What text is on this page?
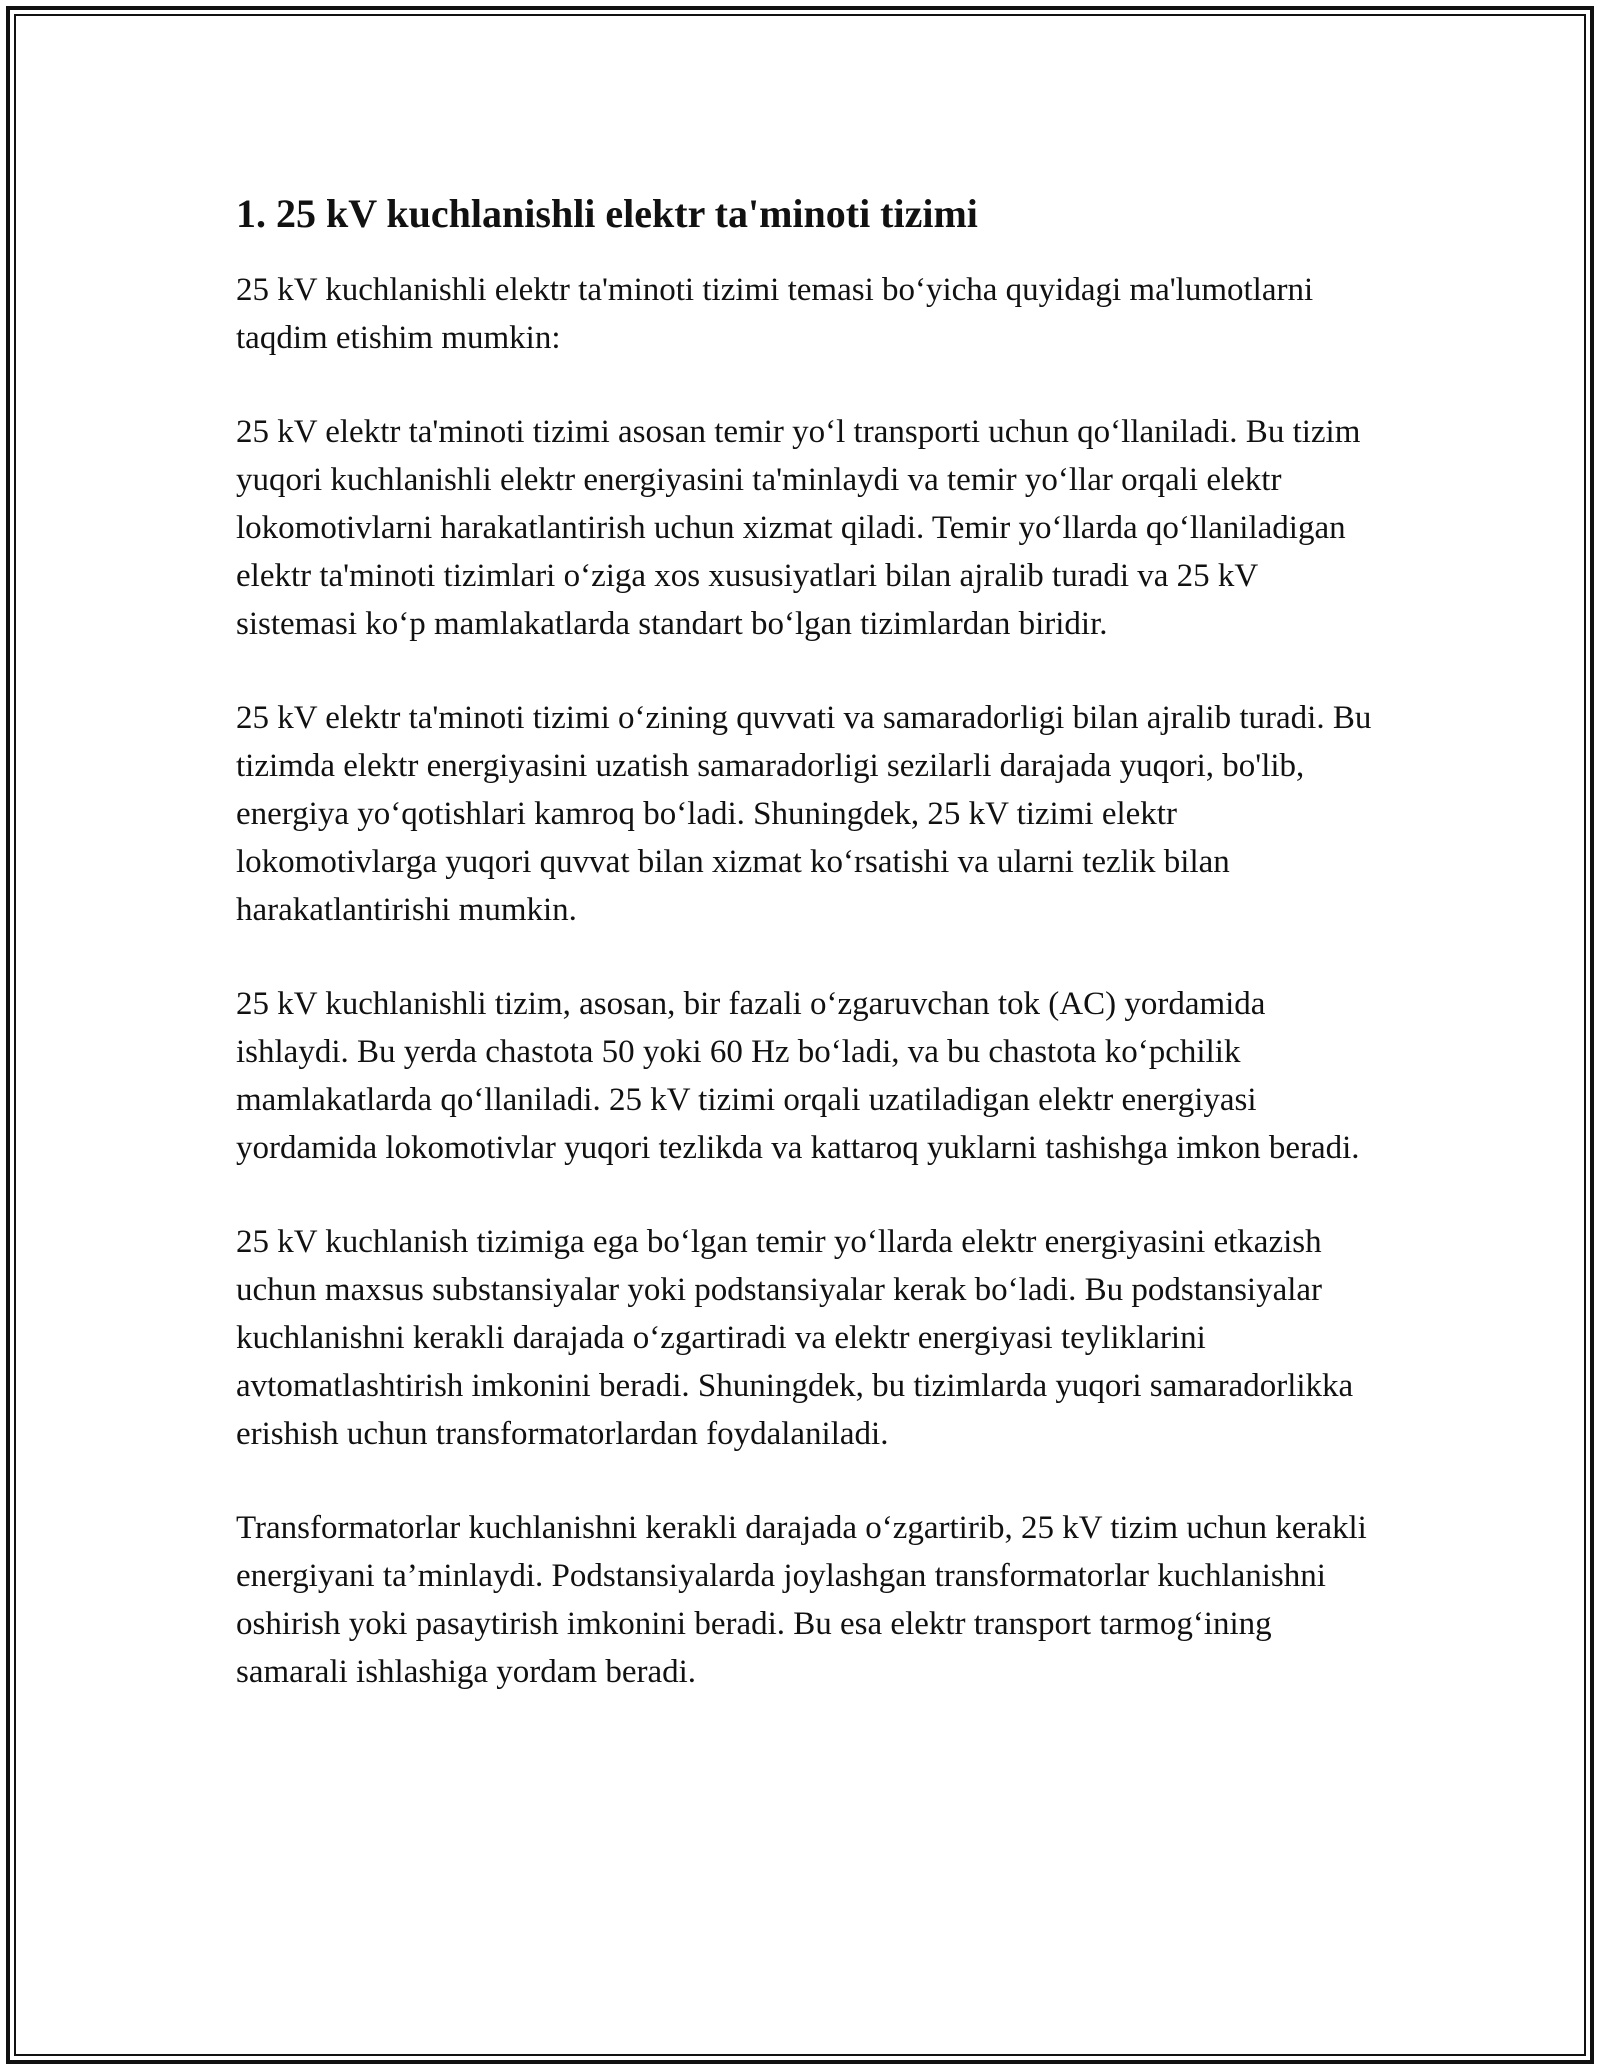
1. 25 kV kuchlanishli elektr ta'minoti tizimi

25 kV kuchlanishli elektr ta'minoti tizimi temasi bo‘yicha quyidagi ma'lumotlarni taqdim etishim mumkin:

25 kV elektr ta'minoti tizimi asosan temir yo‘l transporti uchun qo‘llaniladi. Bu tizim yuqori kuchlanishli elektr energiyasini ta'minlaydi va temir yo‘llar orqali elektr lokomotivlarni harakatlantirish uchun xizmat qiladi. Temir yo‘llarda qo‘llaniladigan elektr ta'minoti tizimlari o‘ziga xos xususiyatlari bilan ajralib turadi va 25 kV sistemasi ko‘p mamlakatlarda standart bo‘lgan tizimlardan biridir.

25 kV elektr ta'minoti tizimi o‘zining quvvati va samaradorligi bilan ajralib turadi. Bu tizimda elektr energiyasini uzatish samaradorligi sezilarli darajada yuqori, bo'lib, energiya yo‘qotishlari kamroq bo‘ladi. Shuningdek, 25 kV tizimi elektr lokomotivlarga yuqori quvvat bilan xizmat ko‘rsatishi va ularni tezlik bilan harakatlantirishi mumkin.

25 kV kuchlanishli tizim, asosan, bir fazali o‘zgaruvchan tok (AC) yordamida ishlaydi. Bu yerda chastota 50 yoki 60 Hz bo‘ladi, va bu chastota ko‘pchilik mamlakatlarda qo‘llaniladi. 25 kV tizimi orqali uzatiladigan elektr energiyasi yordamida lokomotivlar yuqori tezlikda va kattaroq yuklarni tashishga imkon beradi.

25 kV kuchlanish tizimiga ega bo‘lgan temir yo‘llarda elektr energiyasini etkazish uchun maxsus substansiyalar yoki podstansiyalar kerak bo‘ladi. Bu podstansiyalar kuchlanishni kerakli darajada o‘zgartiradi va elektr energiyasi teyliklarini avtomatlashtirish imkonini beradi. Shuningdek, bu tizimlarda yuqori samaradorlikka erishish uchun transformatorlardan foydalaniladi.

Transformatorlar kuchlanishni kerakli darajada o‘zgartirib, 25 kV tizim uchun kerakli energiyani ta’minlaydi. Podstansiyalarda joylashgan transformatorlar kuchlanishni oshirish yoki pasaytirish imkonini beradi. Bu esa elektr transport tarmog‘ining samarali ishlashiga yordam beradi.
